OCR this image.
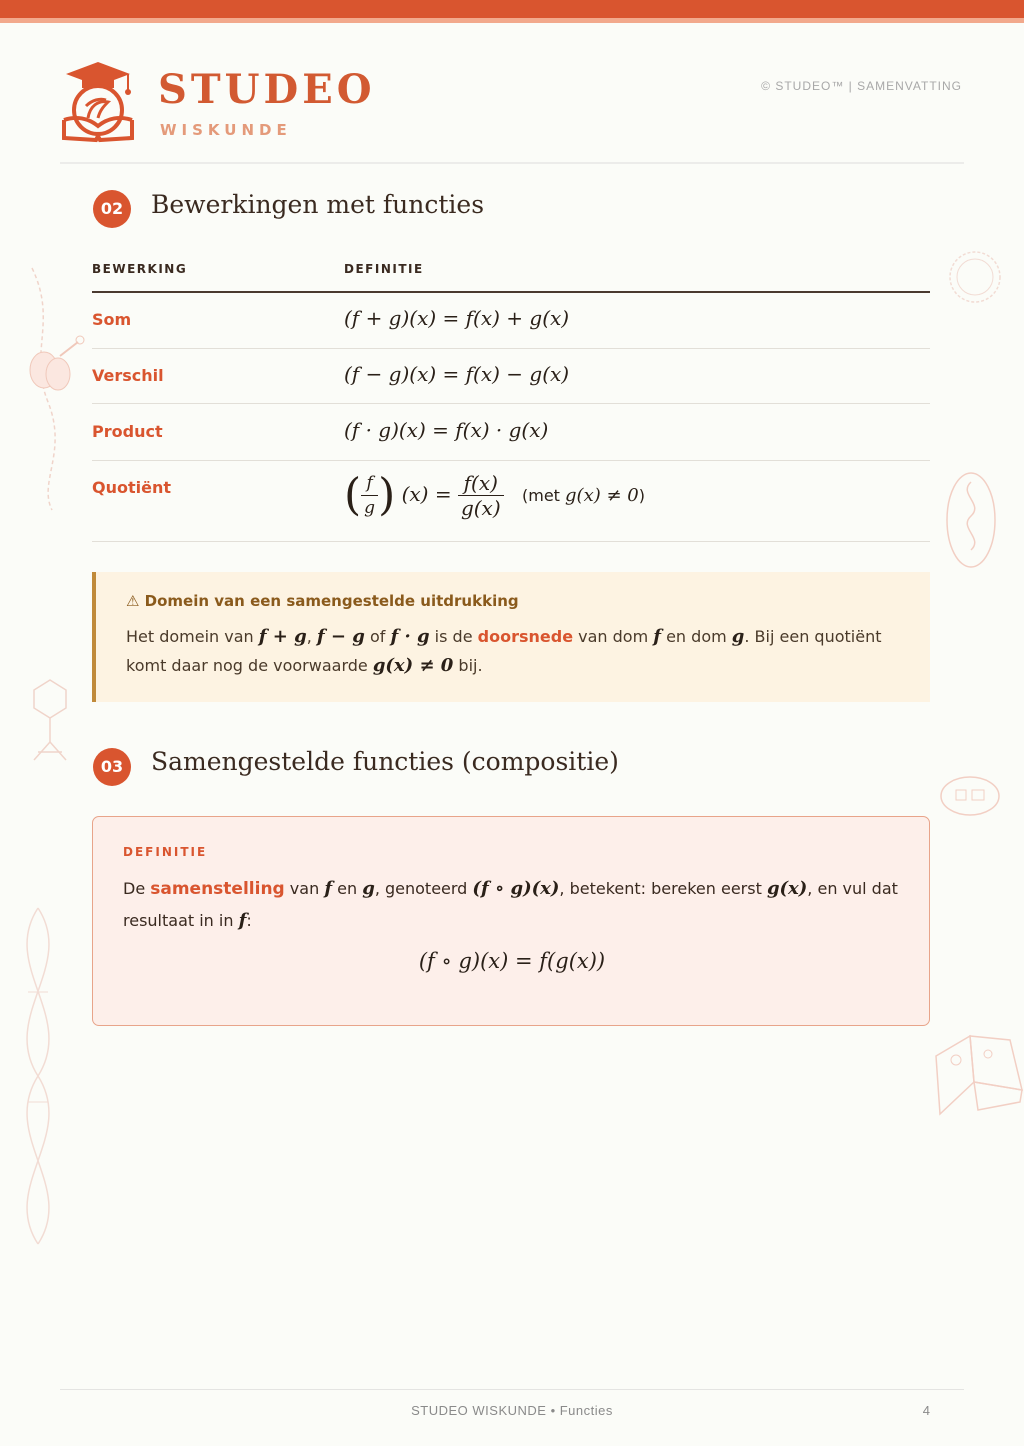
STUDEO
WISKUNDE
© STUDEO™ | SAMENVATTING
02	Bewerkingen met functies
BEWERKING	DEFINITIE
Som	(f + g)(x) = f(x) + g(x)
Verschil	(f − g)(x) = f(x) − g(x)
Product	(f · g)(x) = f(x) · g(x)
Quotiënt	( $\frac{f}{g}$ ) $(x) = \frac{f(x)}{g(x)} (met$ g(x) ≠ 0)
⚠ Domein van een samengestelde uitdrukking
Het domein van f + g, f − g of f · g is de doorsnede van dom f en dom g. Bij een quotiënt komt daar nog de voorwaarde g(x) ≠ 0 bij.
03	Samengestelde functies (compositie)
DEFINITIE
De samenstelling van f en g, genoteerd (f ∘ g)(x), betekent: bereken eerst g(x), en vul dat resultaat in in f:
(f ∘ g)(x) = f(g(x))
STUDEO WISKUNDE • Functies	4
